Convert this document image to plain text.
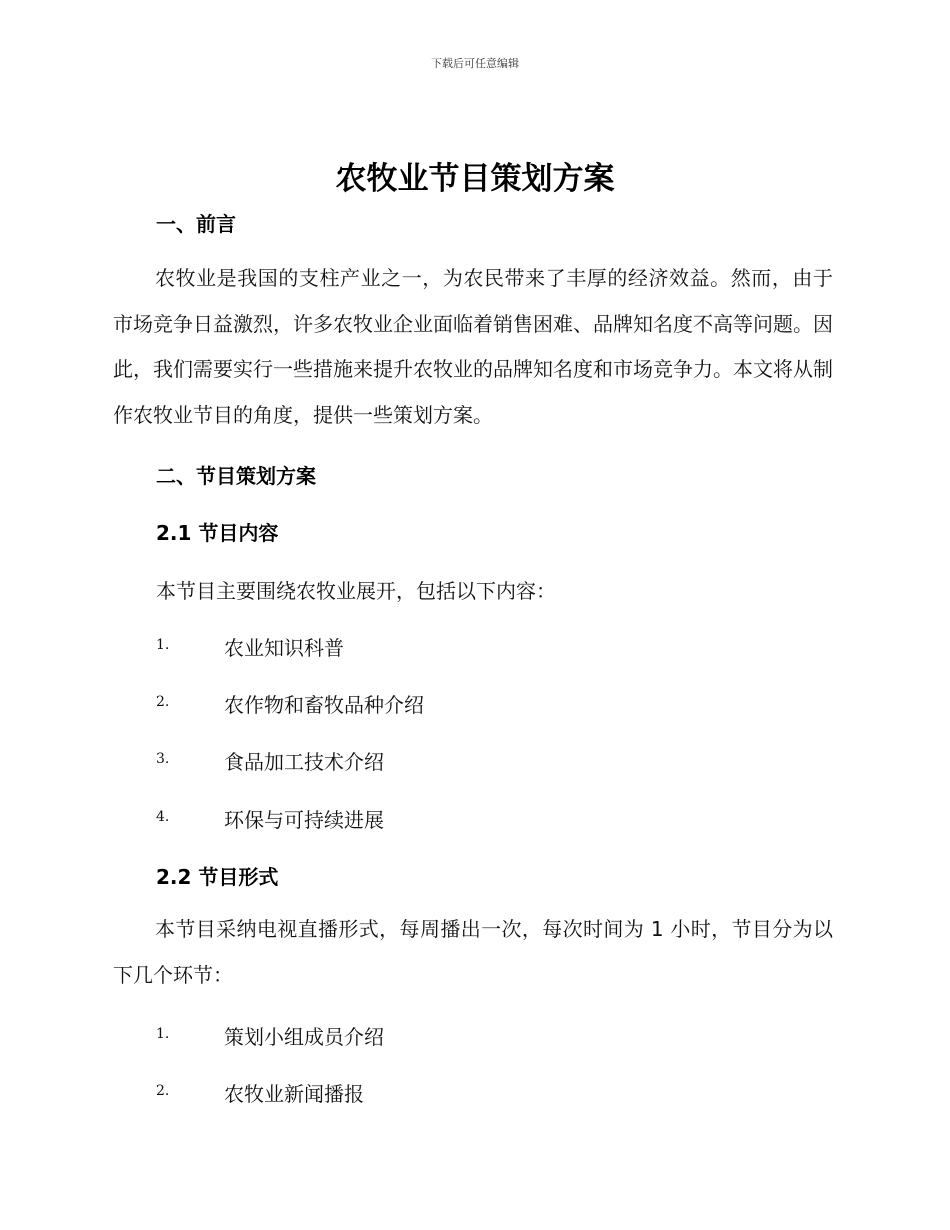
下载后可任意编辑
农牧业节目策划方案
一、前言
农牧业是我国的支柱产业之一，为农民带来了丰厚的经济效益。然而，由于市场竞争日益激烈，许多农牧业企业面临着销售困难、品牌知名度不高等问题。因此，我们需要实行一些措施来提升农牧业的品牌知名度和市场竞争力。本文将从制作农牧业节目的角度，提供一些策划方案。
二、节目策划方案
2.1 节目内容
本节目主要围绕农牧业展开，包括以下内容：
1.	农业知识科普
2.	农作物和畜牧品种介绍
3.	食品加工技术介绍
4.	环保与可持续进展
2.2 节目形式
本节目采纳电视直播形式，每周播出一次，每次时间为 1 小时，节目分为以下几个环节：
1.	策划小组成员介绍
2.	农牧业新闻播报
